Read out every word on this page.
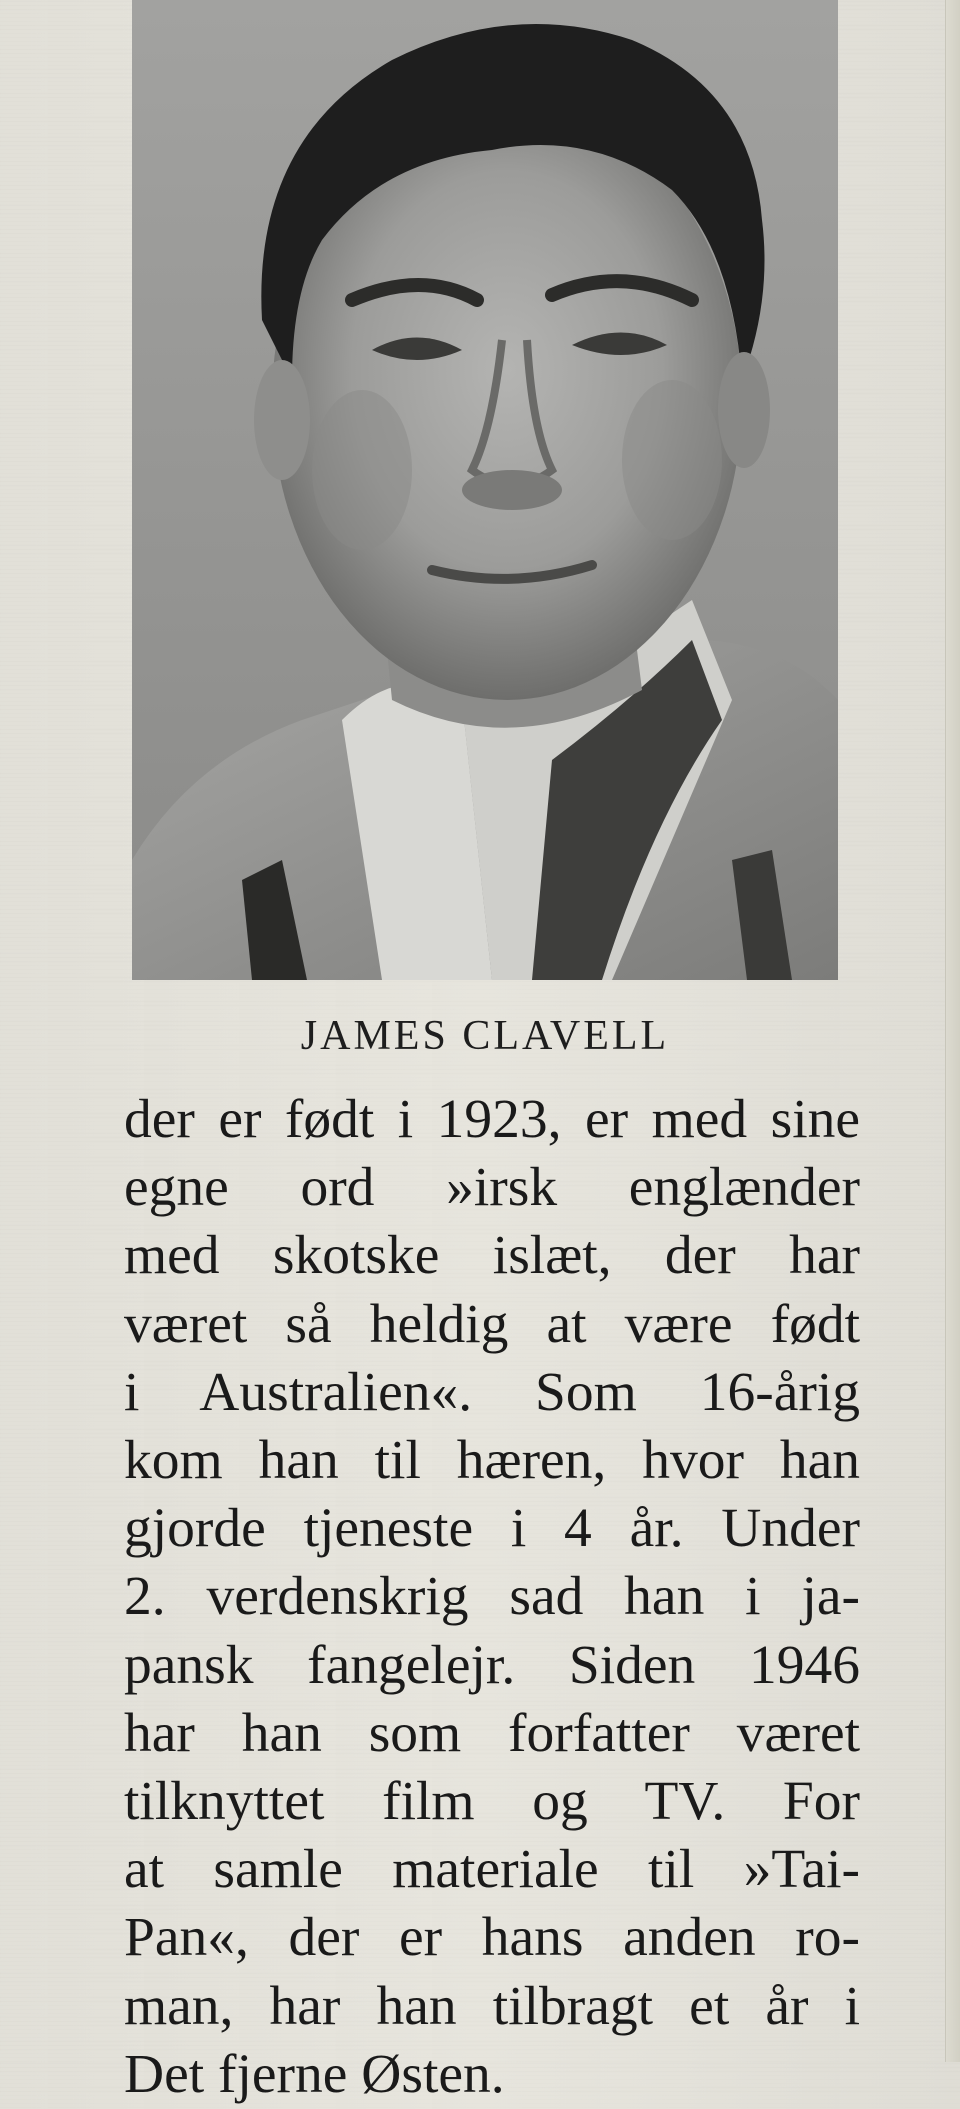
JAMES CLAVELL
der er født i 1923, er med sine
egne ord »irsk englænder
med skotske islæt, der har
været så heldig at være født
i Australien«. Som 16-årig
kom han til hæren, hvor han
gjorde tjeneste i 4 år. Under
2. verdenskrig sad han i ja-
pansk fangelejr. Siden 1946
har han som forfatter været
tilknyttet film og TV. For
at samle materiale til »Tai-
Pan«, der er hans anden ro-
man, har han tilbragt et år i
Det fjerne Østen.
